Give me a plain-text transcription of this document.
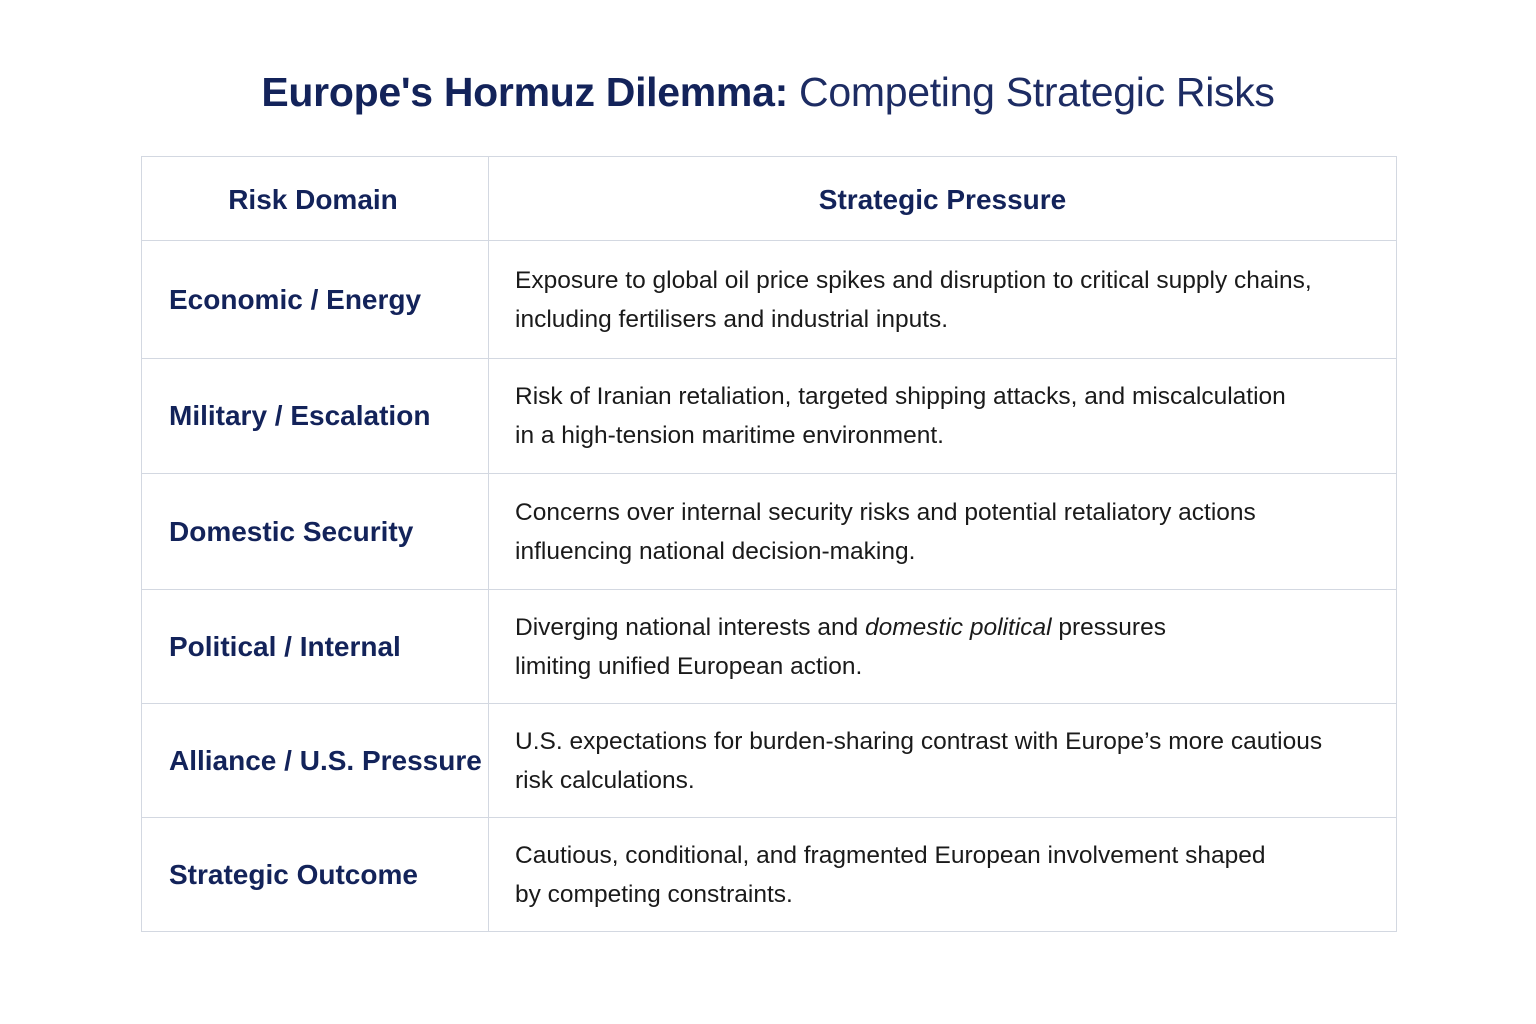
Europe's Hormuz Dilemma: Competing Strategic Risks
Risk Domain	Strategic Pressure
Economic / Energy	Exposure to global oil price spikes and disruption to critical supply chains,
including fertilisers and industrial inputs.

Military / Escalation	Risk of Iranian retaliation, targeted shipping attacks, and miscalculation
in a high-tension maritime environment.

Domestic Security	Concerns over internal security risks and potential retaliatory actions
influencing national decision-making.

Political / Internal	Diverging national interests and domestic political pressures
limiting unified European action.

Alliance / U.S. Pressure	U.S. expectations for burden-sharing contrast with Europe’s more cautious
risk calculations.

Strategic Outcome	Cautious, conditional, and fragmented European involvement shaped
by competing constraints.
